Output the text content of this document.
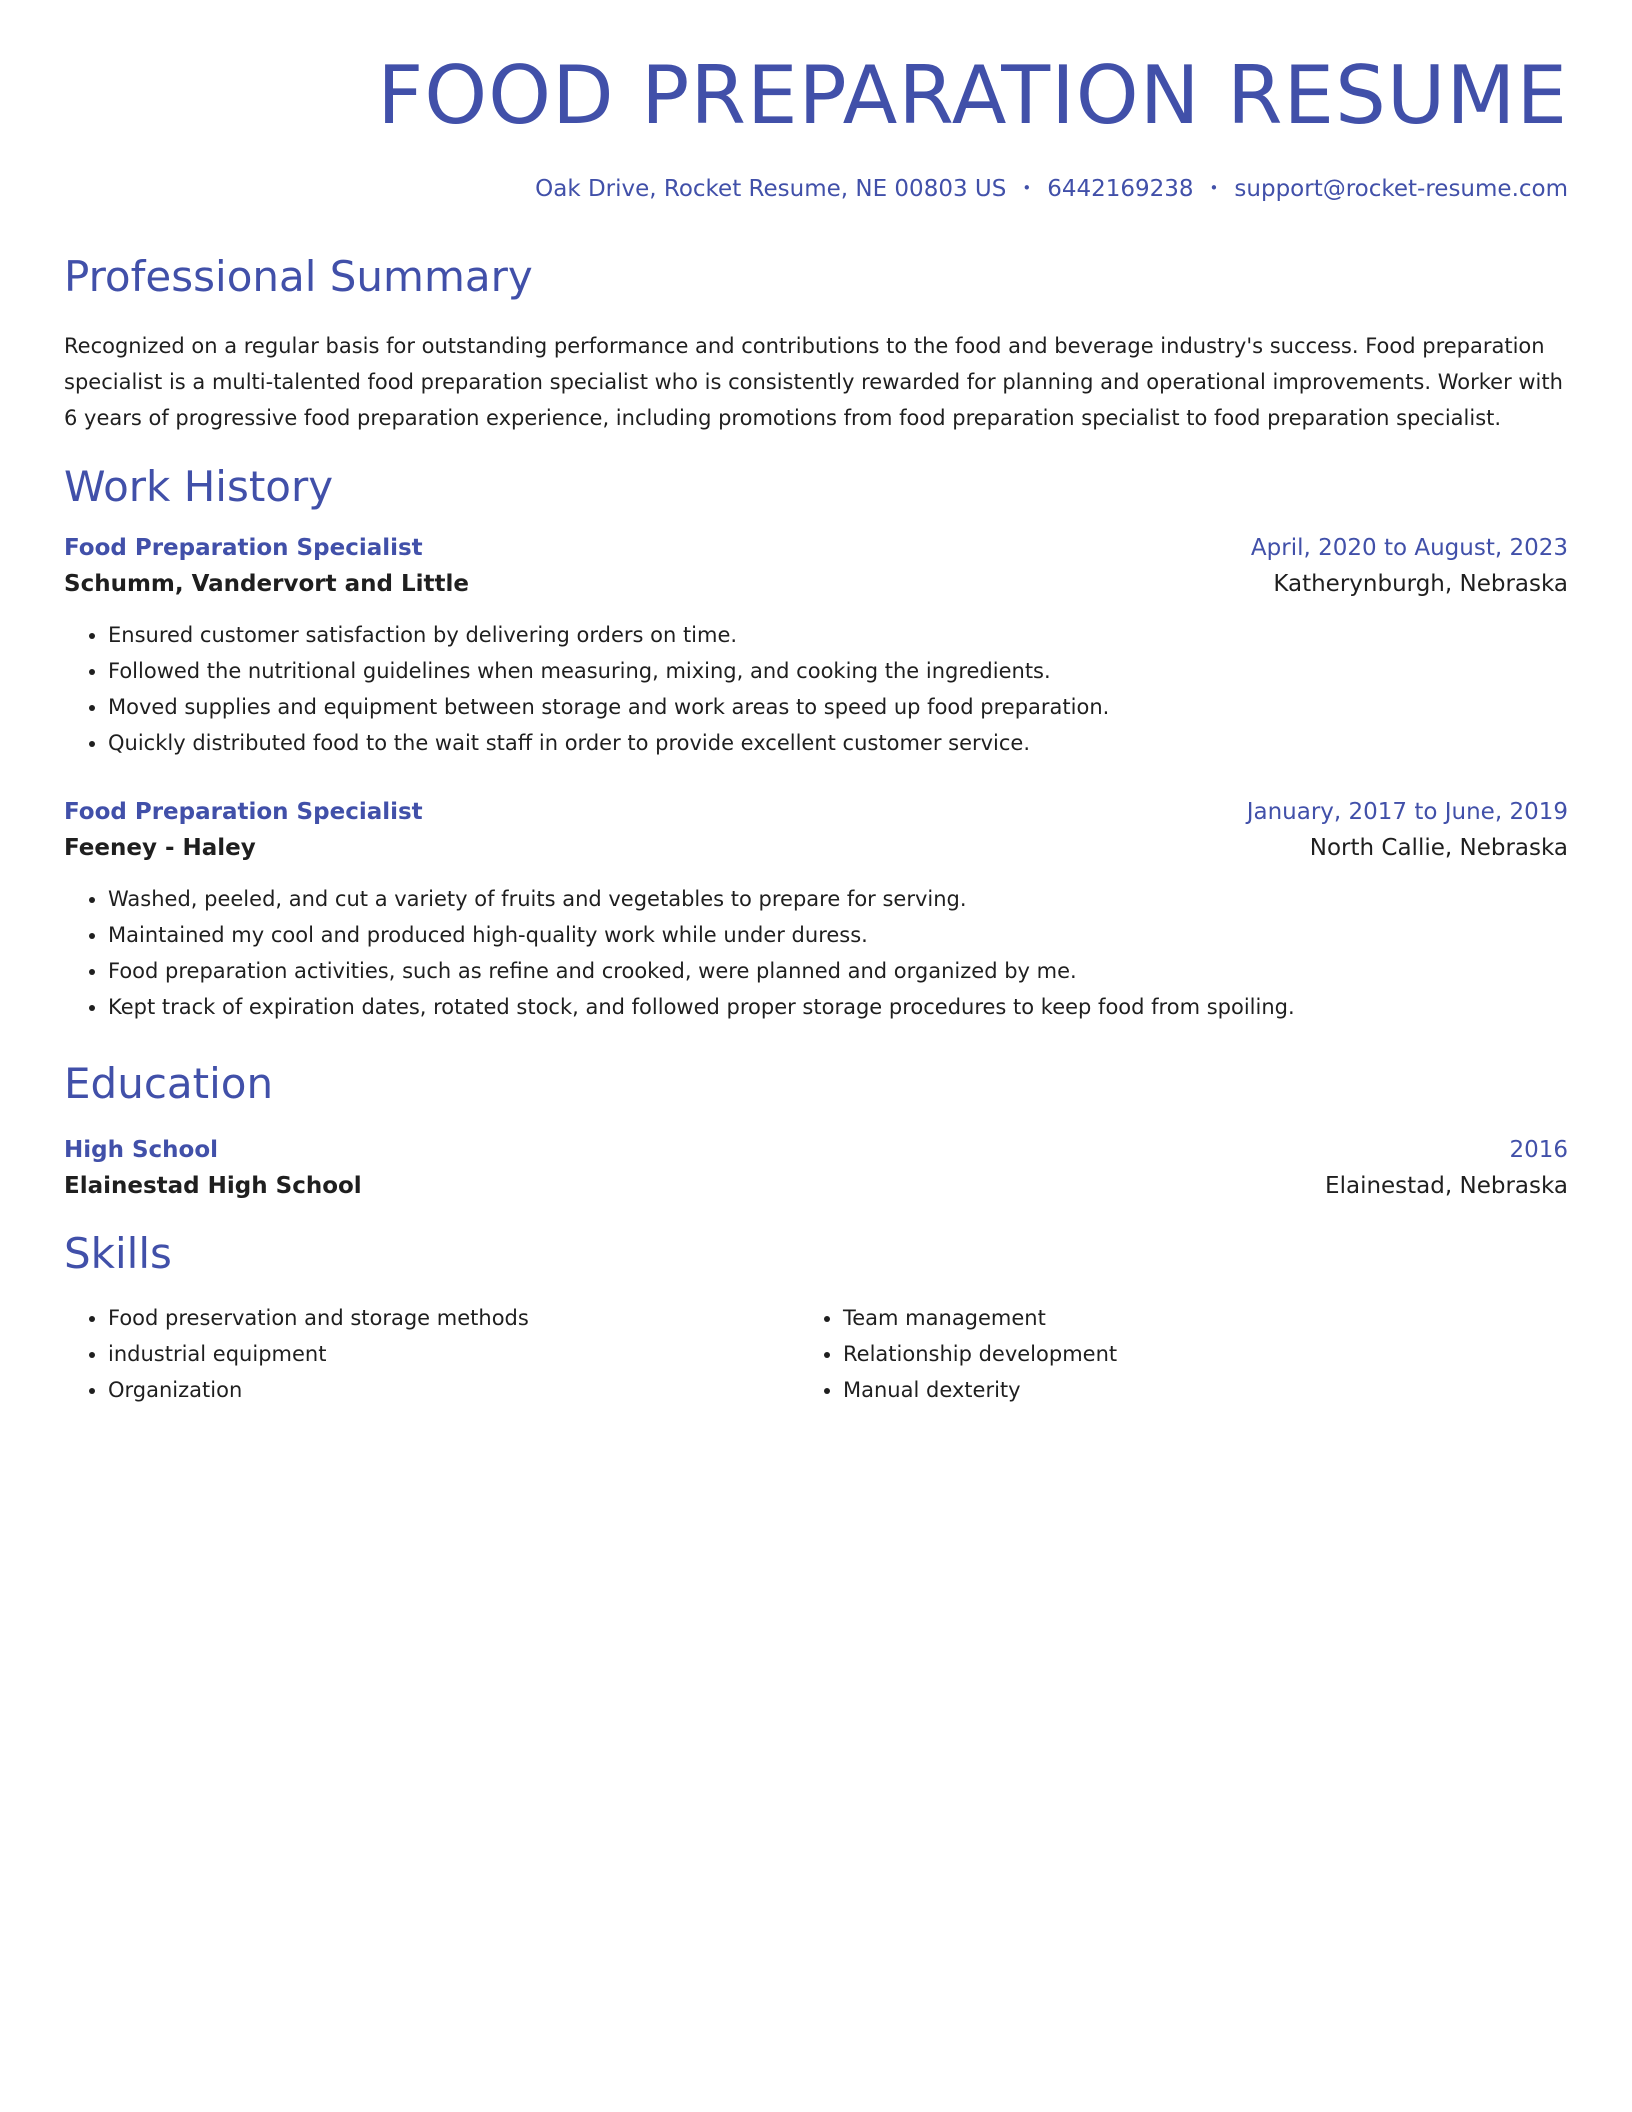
FOOD PREPARATION RESUME
Oak Drive, Rocket Resume, NE 00803 US • 6442169238 • support@rocket-resume.com
Professional Summary
Recognized on a regular basis for outstanding performance and contributions to the food and beverage industry's success. Food preparation specialist is a multi-talented food preparation specialist who is consistently rewarded for planning and operational improvements. Worker with 6 years of progressive food preparation experience, including promotions from food preparation specialist to food preparation specialist.
Work History
Food Preparation Specialist	April, 2020 to August, 2023
Schumm, Vandervort and Little	Katherynburgh, Nebraska
• Ensured customer satisfaction by delivering orders on time.
• Followed the nutritional guidelines when measuring, mixing, and cooking the ingredients.
• Moved supplies and equipment between storage and work areas to speed up food preparation.
• Quickly distributed food to the wait staff in order to provide excellent customer service.
Food Preparation Specialist	January, 2017 to June, 2019
Feeney - Haley	North Callie, Nebraska
• Washed, peeled, and cut a variety of fruits and vegetables to prepare for serving.
• Maintained my cool and produced high-quality work while under duress.
• Food preparation activities, such as refine and crooked, were planned and organized by me.
• Kept track of expiration dates, rotated stock, and followed proper storage procedures to keep food from spoiling.
Education
High School	2016
Elainestad High School	Elainestad, Nebraska
Skills
• Food preservation and storage methods
• industrial equipment
• Organization
• Team management
• Relationship development
• Manual dexterity
